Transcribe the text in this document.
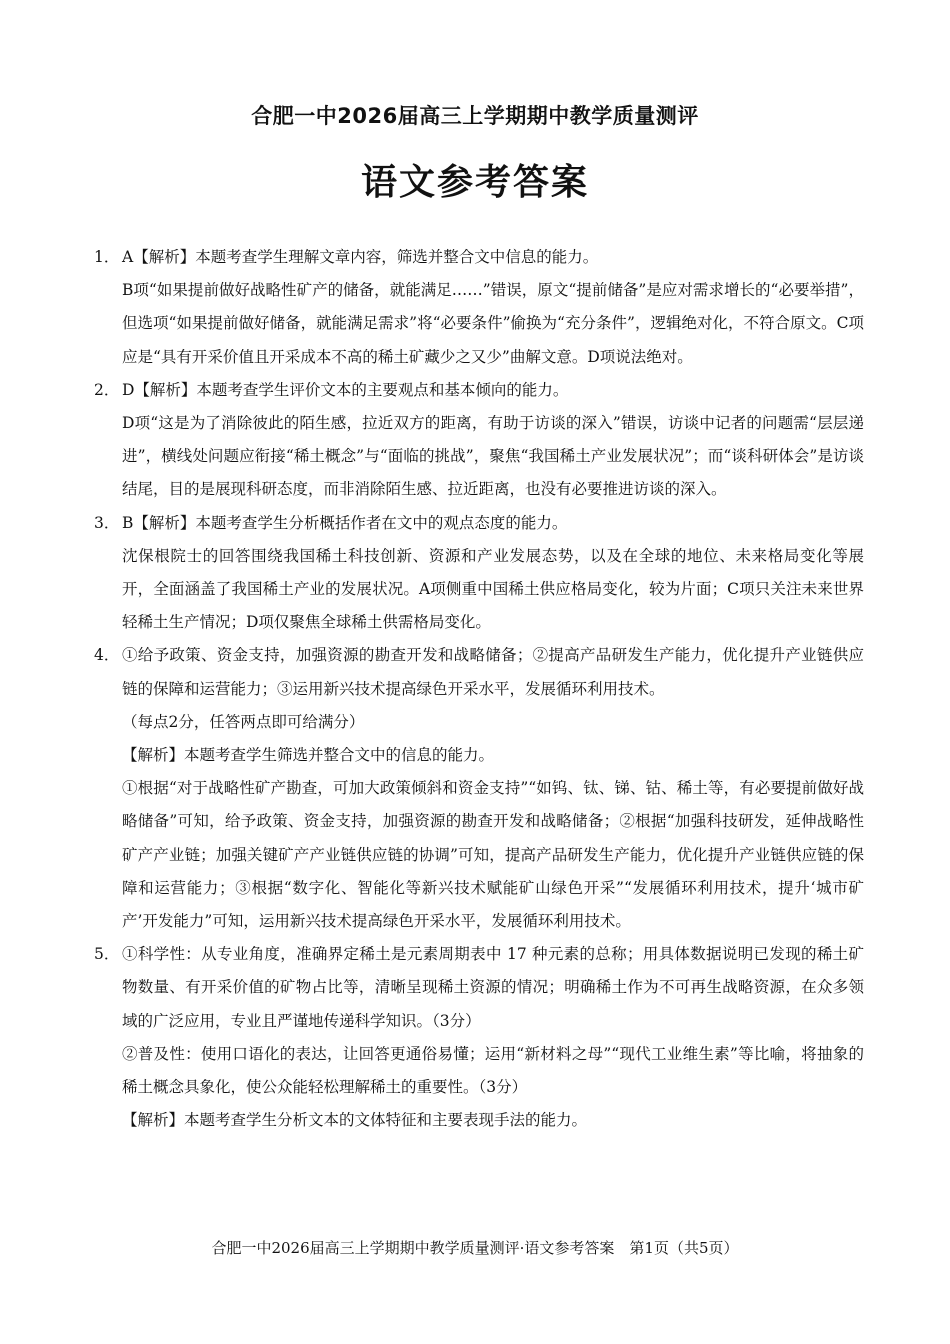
合肥一中2026届高三上学期期中教学质量测评
语文参考答案
1． A【解析】本题考查学生理解文章内容，筛选并整合文中信息的能力。
B项“如果提前做好战略性矿产的储备，就能满足……”错误，原文“提前储备”是应对需求增长的“必要举措”，但选项“如果提前做好储备，就能满足需求”将“必要条件”偷换为“充分条件”，逻辑绝对化，不符合原文。C项应是“具有开采价值且开采成本不高的稀土矿藏少之又少”曲解文意。D项说法绝对。
2． D【解析】本题考查学生评价文本的主要观点和基本倾向的能力。
D项“这是为了消除彼此的陌生感，拉近双方的距离，有助于访谈的深入”错误，访谈中记者的问题需“层层递进”，横线处问题应衔接“稀土概念”与“面临的挑战”，聚焦“我国稀土产业发展状况”；而“谈科研体会”是访谈结尾，目的是展现科研态度，而非消除陌生感、拉近距离，也没有必要推进访谈的深入。
3． B【解析】本题考查学生分析概括作者在文中的观点态度的能力。
沈保根院士的回答围绕我国稀土科技创新、资源和产业发展态势，以及在全球的地位、未来格局变化等展开，全面涵盖了我国稀土产业的发展状况。A项侧重中国稀土供应格局变化，较为片面；C项只关注未来世界轻稀土生产情况；D项仅聚焦全球稀土供需格局变化。
4． ①给予政策、资金支持，加强资源的勘查开发和战略储备；②提高产品研发生产能力，优化提升产业链供应链的保障和运营能力；③运用新兴技术提高绿色开采水平，发展循环利用技术。
（每点2分，任答两点即可给满分）
【解析】本题考查学生筛选并整合文中的信息的能力。
①根据“对于战略性矿产勘查，可加大政策倾斜和资金支持”“如钨、钛、锑、钴、稀土等，有必要提前做好战略储备”可知，给予政策、资金支持，加强资源的勘查开发和战略储备；②根据“加强科技研发，延伸战略性矿产产业链；加强关键矿产产业链供应链的协调”可知，提高产品研发生产能力，优化提升产业链供应链的保障和运营能力；③根据“数字化、智能化等新兴技术赋能矿山绿色开采”“发展循环利用技术，提升‘城市矿产’开发能力”可知，运用新兴技术提高绿色开采水平，发展循环利用技术。
5． ①科学性：从专业角度，准确界定稀土是元素周期表中 17 种元素的总称；用具体数据说明已发现的稀土矿物数量、有开采价值的矿物占比等，清晰呈现稀土资源的情况；明确稀土作为不可再生战略资源，在众多领域的广泛应用，专业且严谨地传递科学知识。（3分）
②普及性：使用口语化的表达，让回答更通俗易懂；运用“新材料之母”“现代工业维生素”等比喻，将抽象的稀土概念具象化，使公众能轻松理解稀土的重要性。（3分）
【解析】本题考查学生分析文本的文体特征和主要表现手法的能力。
合肥一中2026届高三上学期期中教学质量测评·语文参考答案　第1页（共5页）
